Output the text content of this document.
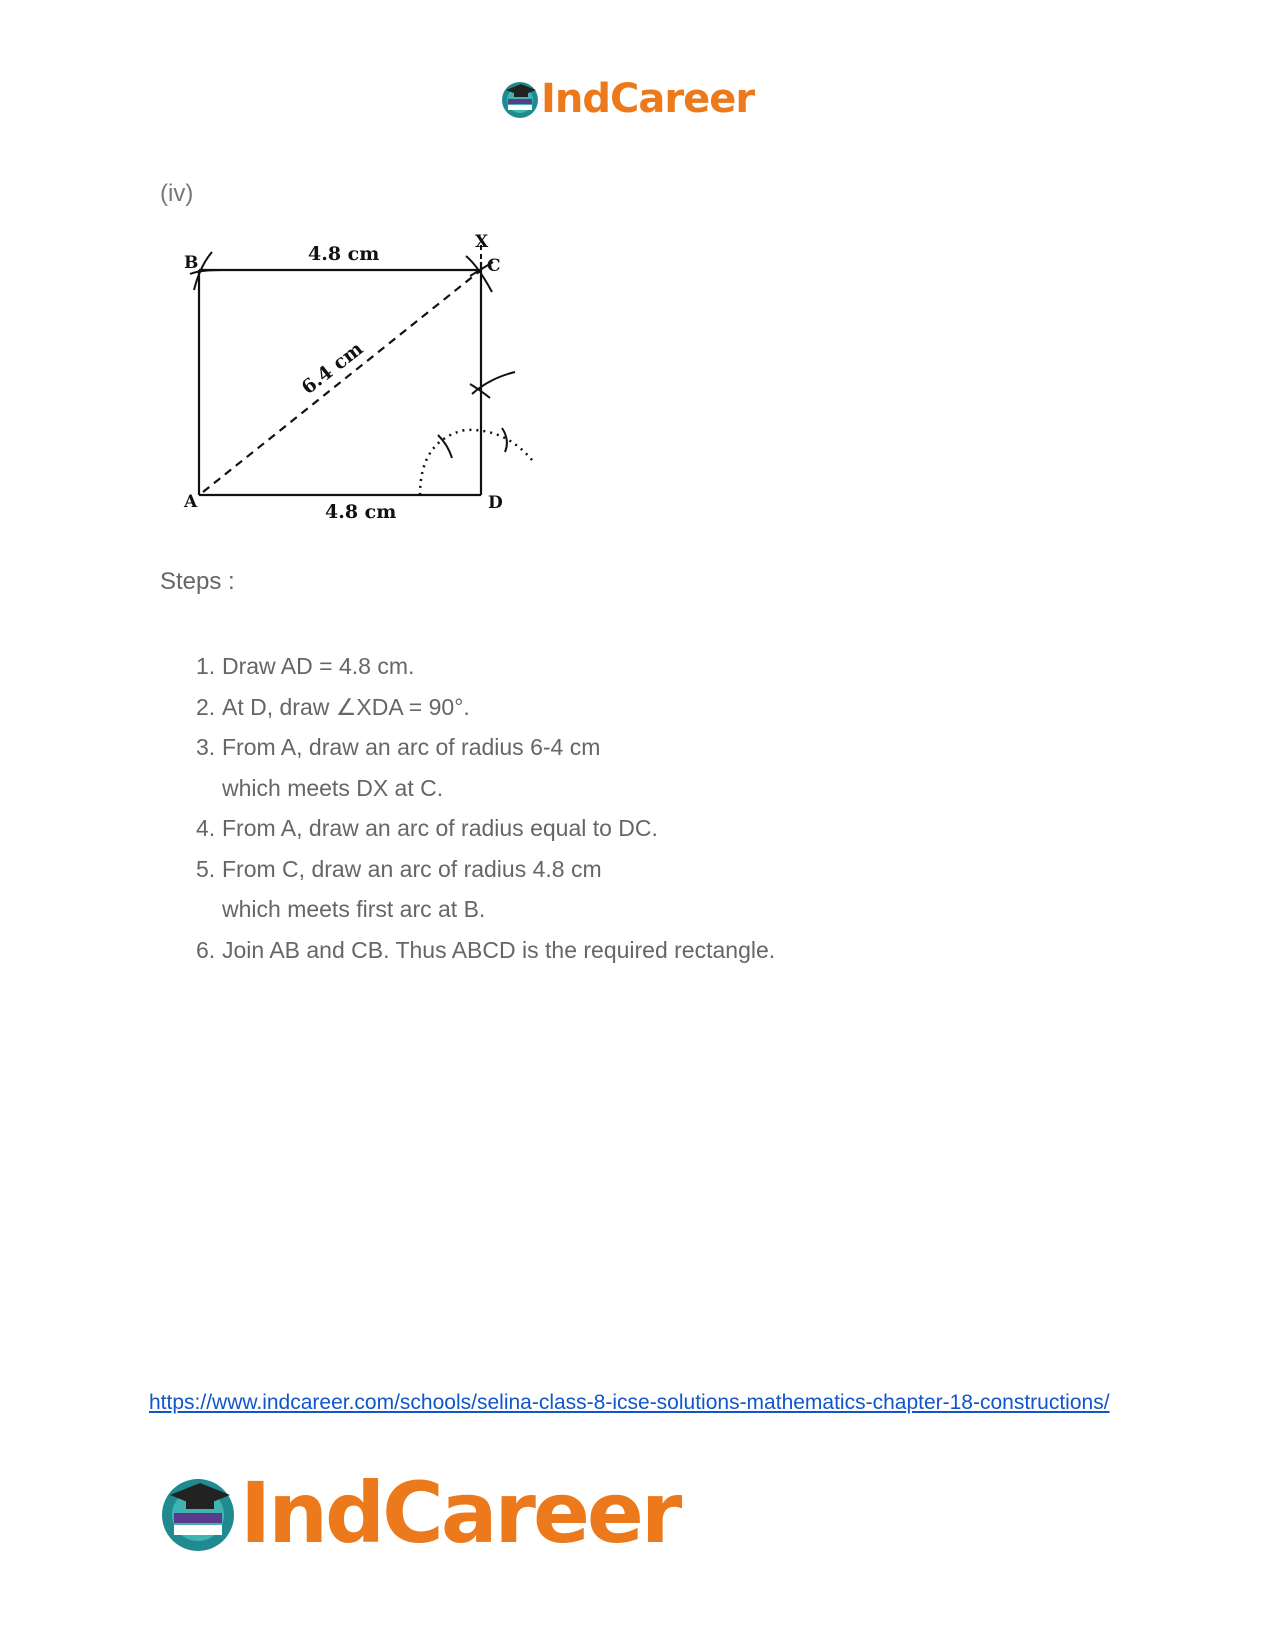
IndCareer
(iv)
B	C
X
A	D
4.8 cm
4.8 cm
6.4 cm
Steps :
1. Draw AD = 4.8 cm.
2. At D, draw ∠XDA = 90°.
3. From A, draw an arc of radius 6-4 cm
which meets DX at C.
4. From A, draw an arc of radius equal to DC.
5. From C, draw an arc of radius 4.8 cm
which meets first arc at B.
6. Join AB and CB. Thus ABCD is the required rectangle.
https://www.indcareer.com/schools/selina-class-8-icse-solutions-mathematics-chapter-18-constructions/
IndCareer
